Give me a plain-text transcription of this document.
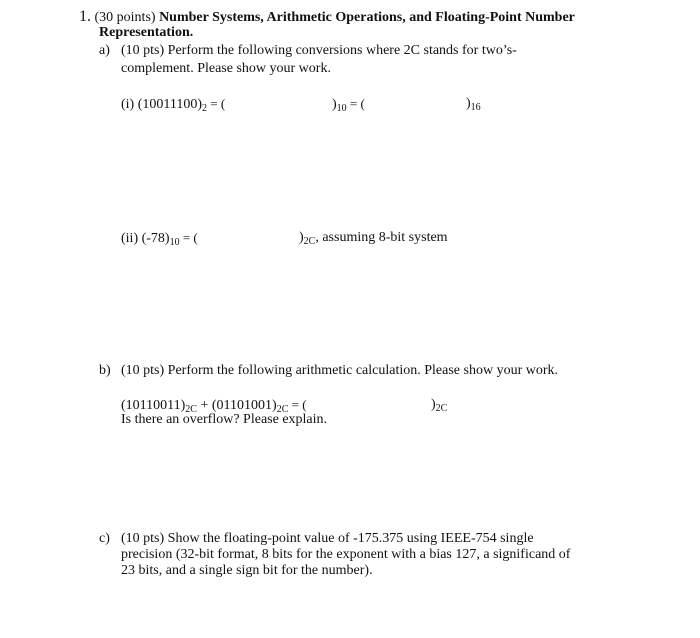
1. (30 points) Number Systems, Arithmetic Operations, and Floating-Point Number
Representation.
a) (10 pts) Perform the following conversions where 2C stands for two’s-
complement. Please show your work.
(i) $(10011100)_2$ = (	)$_{10}$ = (	)$_{16}$
(ii) $(-78)_{10}$ = (	)$_{2C}$, assuming 8-bit system
b) (10 pts) Perform the following arithmetic calculation. Please show your work.
$(10110011)_{2C} + (01101001)_{2C}$ = (	)$_{2C}$
Is there an overflow? Please explain.
c) (10 pts) Show the floating-point value of -175.375 using IEEE-754 single
precision (32-bit format, 8 bits for the exponent with a bias 127, a significand of
23 bits, and a single sign bit for the number).
